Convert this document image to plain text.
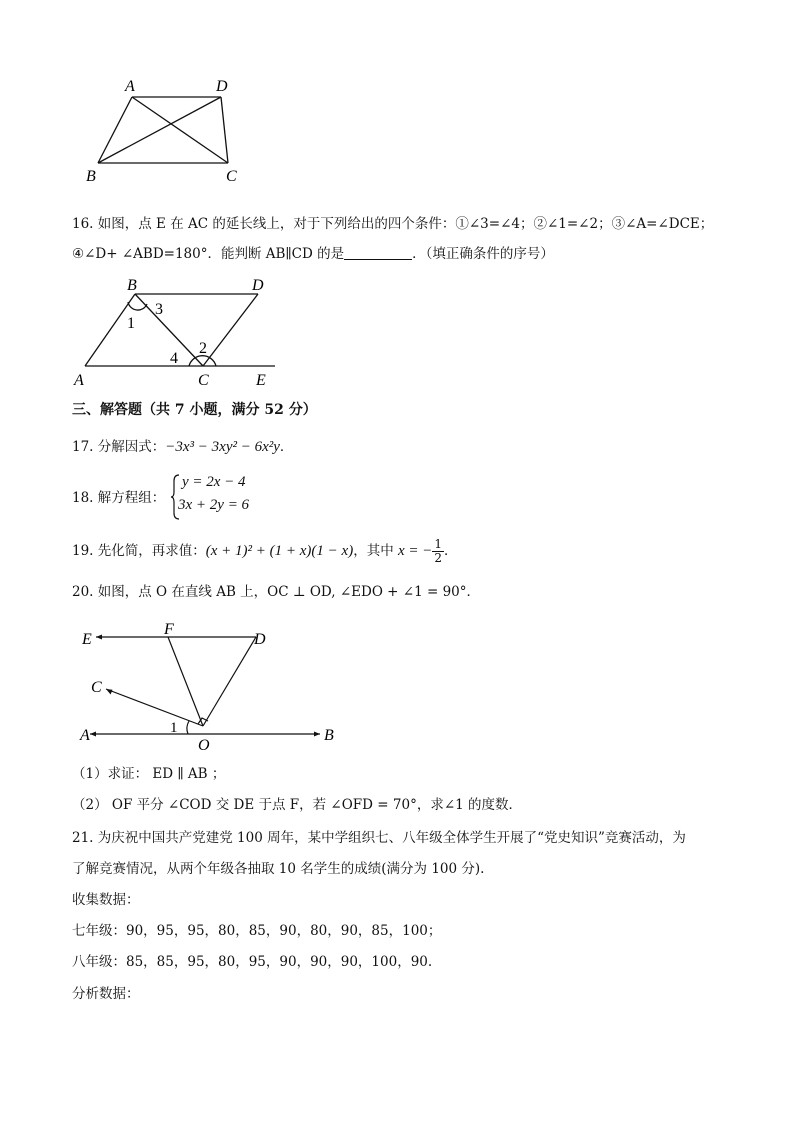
A	D
B	C
16. 如图，点 E 在 AC 的延长线上，对于下列给出的四个条件：①∠3=∠4；②∠1=∠2；③∠A=∠DCE；
④∠D+ ∠ABD=180°．能判断 AB∥CD 的是	．（填正确条件的序号）
B	D
A	C	E
1
3
4
2
三、解答题（共 7 小题，满分 52 分）
17. 分解因式：−3x³ − 3xy² − 6x²y．
18. 解方程组：
y = 2x − 4
3x + 2y = 6
19. 先化简，再求值：(x + 1)² + (1 + x)(1 − x)，其中 x = − $\frac{1}{2}$ ．
20. 如图，点 O 在直线 AB 上，OC ⊥ OD, ∠EDO + ∠1 = 90°．
E
F
D
C
A
O
B
1
（1）求证： ED ∥ AB ；
（2） OF 平分 ∠COD 交 DE 于点 F，若 ∠OFD = 70°，求∠1 的度数．
21. 为庆祝中国共产党建党 100 周年，某中学组织七、八年级全体学生开展了“党史知识”竞赛活动，为
了解竞赛情况，从两个年级各抽取 10 名学生的成绩(满分为 100 分).
收集数据：
七年级：90，95，95，80，85，90，80，90，85，100；
八年级：85，85，95，80，95，90，90，90，100，90.
分析数据：
